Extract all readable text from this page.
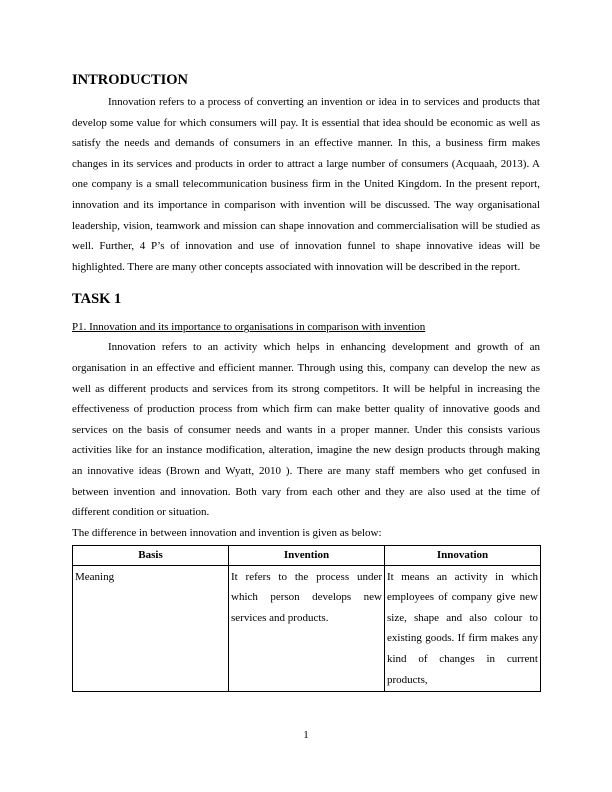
INTRODUCTION

Innovation refers to a process of converting an invention or idea in to services and products that develop some value for which consumers will pay. It is essential that idea should be economic as well as satisfy the needs and demands of consumers in an effective manner. In this, a business firm makes changes in its services and products in order to attract a large number of consumers (Acquaah, 2013). A one company is a small telecommunication business firm in the United Kingdom. In the present report, innovation and its importance in comparison with invention will be discussed. The way organisational leadership, vision, teamwork and mission can shape innovation and commercialisation will be studied as well. Further, 4 P’s of innovation and use of innovation funnel to shape innovative ideas will be highlighted. There are many other concepts associated with innovation will be described in the report.

TASK 1

P1. Innovation and its importance to organisations in comparison with invention

Innovation refers to an activity which helps in enhancing development and growth of an organisation in an effective and efficient manner. Through using this, company can develop the new as well as different products and services from its strong competitors. It will be helpful in increasing the effectiveness of production process from which firm can make better quality of innovative goods and services on the basis of consumer needs and wants in a proper manner. Under this consists various activities like for an instance modification, alteration, imagine the new design products through making an innovative ideas (Brown and Wyatt, 2010 ). There are many staff members who get confused in between invention and innovation. Both vary from each other and they are also used at the time of different condition or situation.

The difference in between innovation and invention is given as below:

Basis	Invention	Innovation
Meaning	It refers to the process under which person develops new services and products.	It means an activity in which employees of company give new size, shape and also colour to existing goods. If firm makes any kind of changes in current products,
1
